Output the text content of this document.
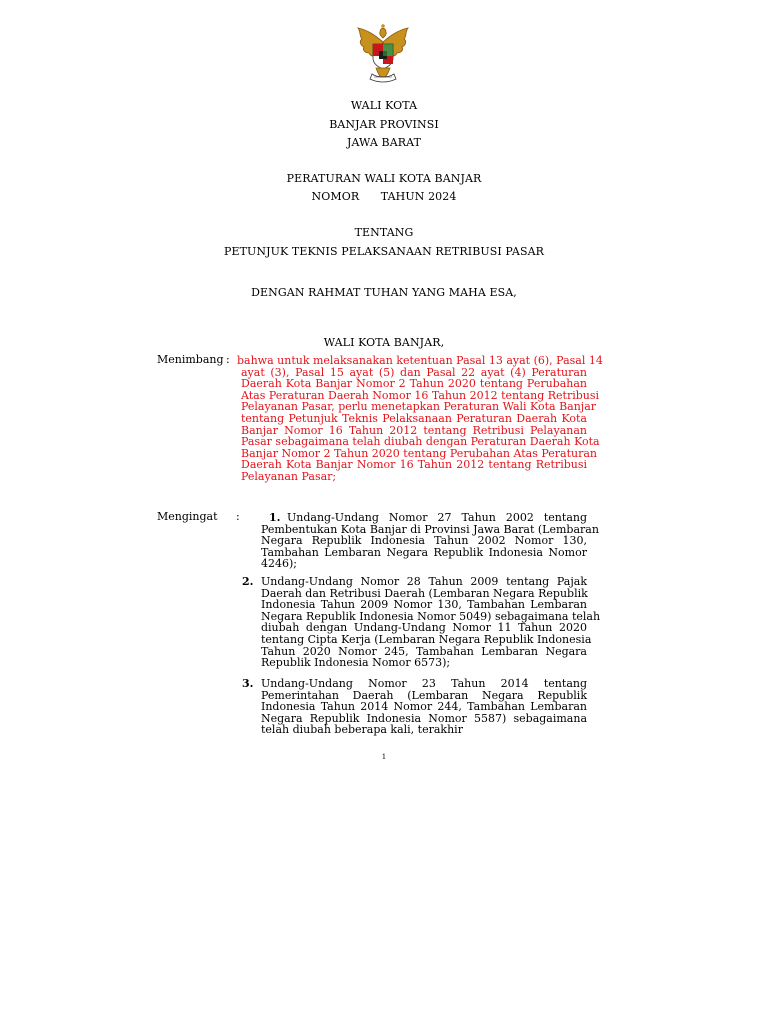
WALI KOTA
BANJAR PROVINSI
JAWA BARAT
PERATURAN WALI KOTA BANJAR
NOMOR      TAHUN 2024
TENTANG
PETUNJUK TEKNIS PELAKSANAAN RETRIBUSI PASAR
DENGAN RAHMAT TUHAN YANG MAHA ESA,
WALI KOTA BANJAR,
Menimbang : bahwa untuk melaksanakan ketentuan Pasal 13 ayat (6), Pasal 14
ayat (3), Pasal 15 ayat (5) dan Pasal 22 ayat (4) Peraturan
Daerah Kota Banjar Nomor 2 Tahun 2020 tentang Perubahan
Atas Peraturan Daerah Nomor 16 Tahun 2012 tentang Retribusi
Pelayanan Pasar, perlu menetapkan Peraturan Wali Kota Banjar
tentang Petunjuk Teknis Pelaksanaan Peraturan Daerah Kota
Banjar Nomor 16 Tahun 2012 tentang Retribusi Pelayanan
Pasar sebagaimana telah diubah dengan Peraturan Daerah Kota
Banjar Nomor 2 Tahun 2020 tentang Perubahan Atas Peraturan
Daerah Kota Banjar Nomor 16 Tahun 2012 tentang Retribusi
Pelayanan Pasar;
Mengingat :	1. Undang-Undang Nomor 27 Tahun 2002 tentang
Pembentukan Kota Banjar di Provinsi Jawa Barat (Lembaran
Negara Republik Indonesia Tahun 2002 Nomor 130,
Tambahan Lembaran Negara Republik Indonesia Nomor
4246);
2. Undang-Undang Nomor 28 Tahun 2009 tentang Pajak
Daerah dan Retribusi Daerah (Lembaran Negara Republik
Indonesia Tahun 2009 Nomor 130, Tambahan Lembaran
Negara Republik Indonesia Nomor 5049) sebagaimana telah
diubah dengan Undang-Undang Nomor 11 Tahun 2020
tentang Cipta Kerja (Lembaran Negara Republik Indonesia
Tahun 2020 Nomor 245, Tambahan Lembaran Negara
Republik Indonesia Nomor 6573);
3. Undang-Undang Nomor 23 Tahun 2014 tentang
Pemerintahan Daerah (Lembaran Negara Republik
Indonesia Tahun 2014 Nomor 244, Tambahan Lembaran
Negara Republik Indonesia Nomor 5587) sebagaimana
telah diubah beberapa kali, terakhir
1
